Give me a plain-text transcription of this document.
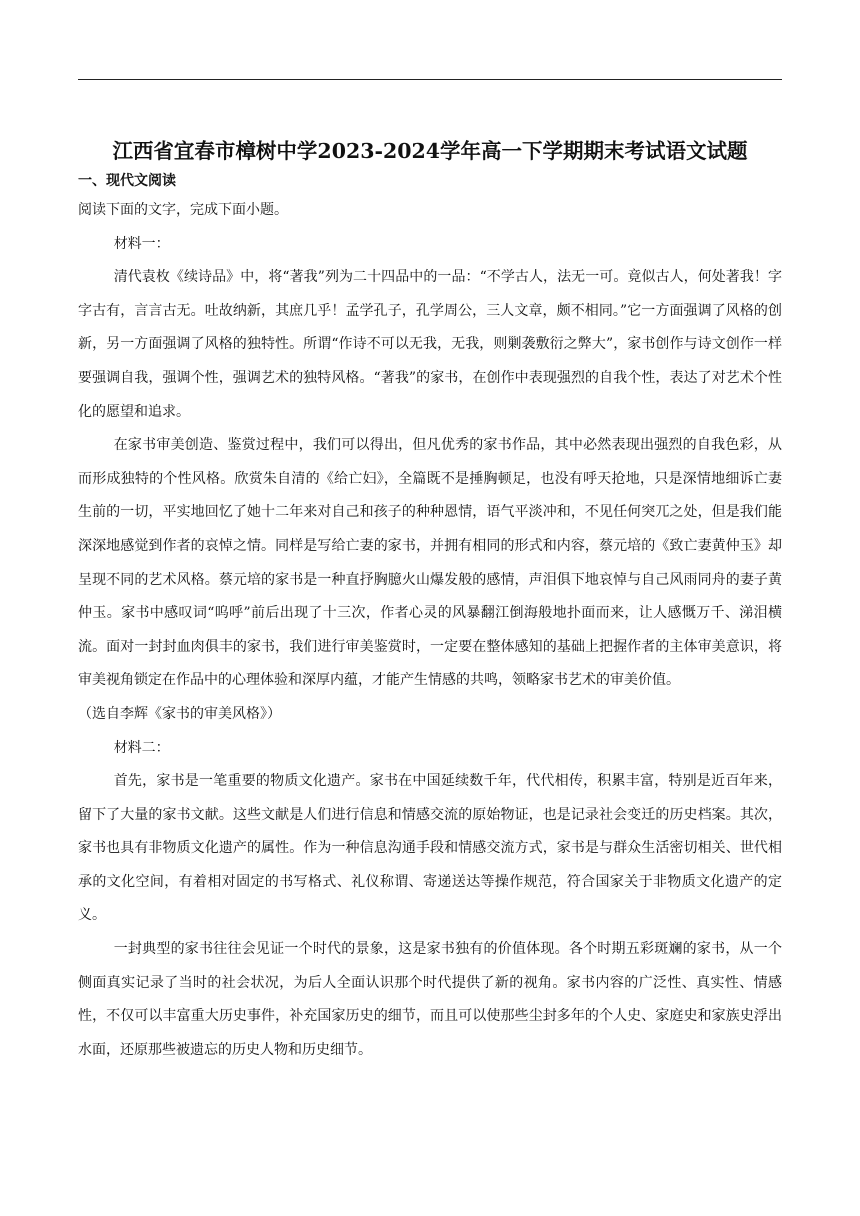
江西省宜春市樟树中学2023-2024学年高一下学期期末考试语文试题

一、现代文阅读

阅读下面的文字，完成下面小题。

材料一：

清代袁枚《续诗品》中，将“著我”列为二十四品中的一品：“不学古人，法无一可。竟似古人，何处著我！字字古有，言言古无。吐故纳新，其庶几乎！孟学孔子，孔学周公，三人文章，颇不相同。”它一方面强调了风格的创新，另一方面强调了风格的独特性。所谓“作诗不可以无我，无我，则剿袭敷衍之弊大”，家书创作与诗文创作一样要强调自我，强调个性，强调艺术的独特风格。“著我”的家书，在创作中表现强烈的自我个性，表达了对艺术个性化的愿望和追求。

在家书审美创造、鉴赏过程中，我们可以得出，但凡优秀的家书作品，其中必然表现出强烈的自我色彩，从而形成独特的个性风格。欣赏朱自清的《给亡妇》，全篇既不是捶胸顿足，也没有呼天抢地，只是深情地细诉亡妻生前的一切，平实地回忆了她十二年来对自己和孩子的种种恩情，语气平淡冲和，不见任何突兀之处，但是我们能深深地感觉到作者的哀悼之情。同样是写给亡妻的家书，并拥有相同的形式和内容，蔡元培的《致亡妻黄仲玉》却呈现不同的艺术风格。蔡元培的家书是一种直抒胸臆火山爆发般的感情，声泪俱下地哀悼与自己风雨同舟的妻子黄仲玉。家书中感叹词“呜呼”前后出现了十三次，作者心灵的风暴翻江倒海般地扑面而来，让人感慨万千、涕泪横流。面对一封封血肉俱丰的家书，我们进行审美鉴赏时，一定要在整体感知的基础上把握作者的主体审美意识，将审美视角锁定在作品中的心理体验和深厚内蕴，才能产生情感的共鸣，领略家书艺术的审美价值。

（选自李辉《家书的审美风格》）

材料二：

首先，家书是一笔重要的物质文化遗产。家书在中国延续数千年，代代相传，积累丰富，特别是近百年来，留下了大量的家书文献。这些文献是人们进行信息和情感交流的原始物证，也是记录社会变迁的历史档案。其次，家书也具有非物质文化遗产的属性。作为一种信息沟通手段和情感交流方式，家书是与群众生活密切相关、世代相承的文化空间，有着相对固定的书写格式、礼仪称谓、寄递送达等操作规范，符合国家关于非物质文化遗产的定义。

一封典型的家书往往会见证一个时代的景象，这是家书独有的价值体现。各个时期五彩斑斓的家书，从一个侧面真实记录了当时的社会状况，为后人全面认识那个时代提供了新的视角。家书内容的广泛性、真实性、情感性，不仅可以丰富重大历史事件，补充国家历史的细节，而且可以使那些尘封多年的个人史、家庭史和家族史浮出水面，还原那些被遗忘的历史人物和历史细节。
